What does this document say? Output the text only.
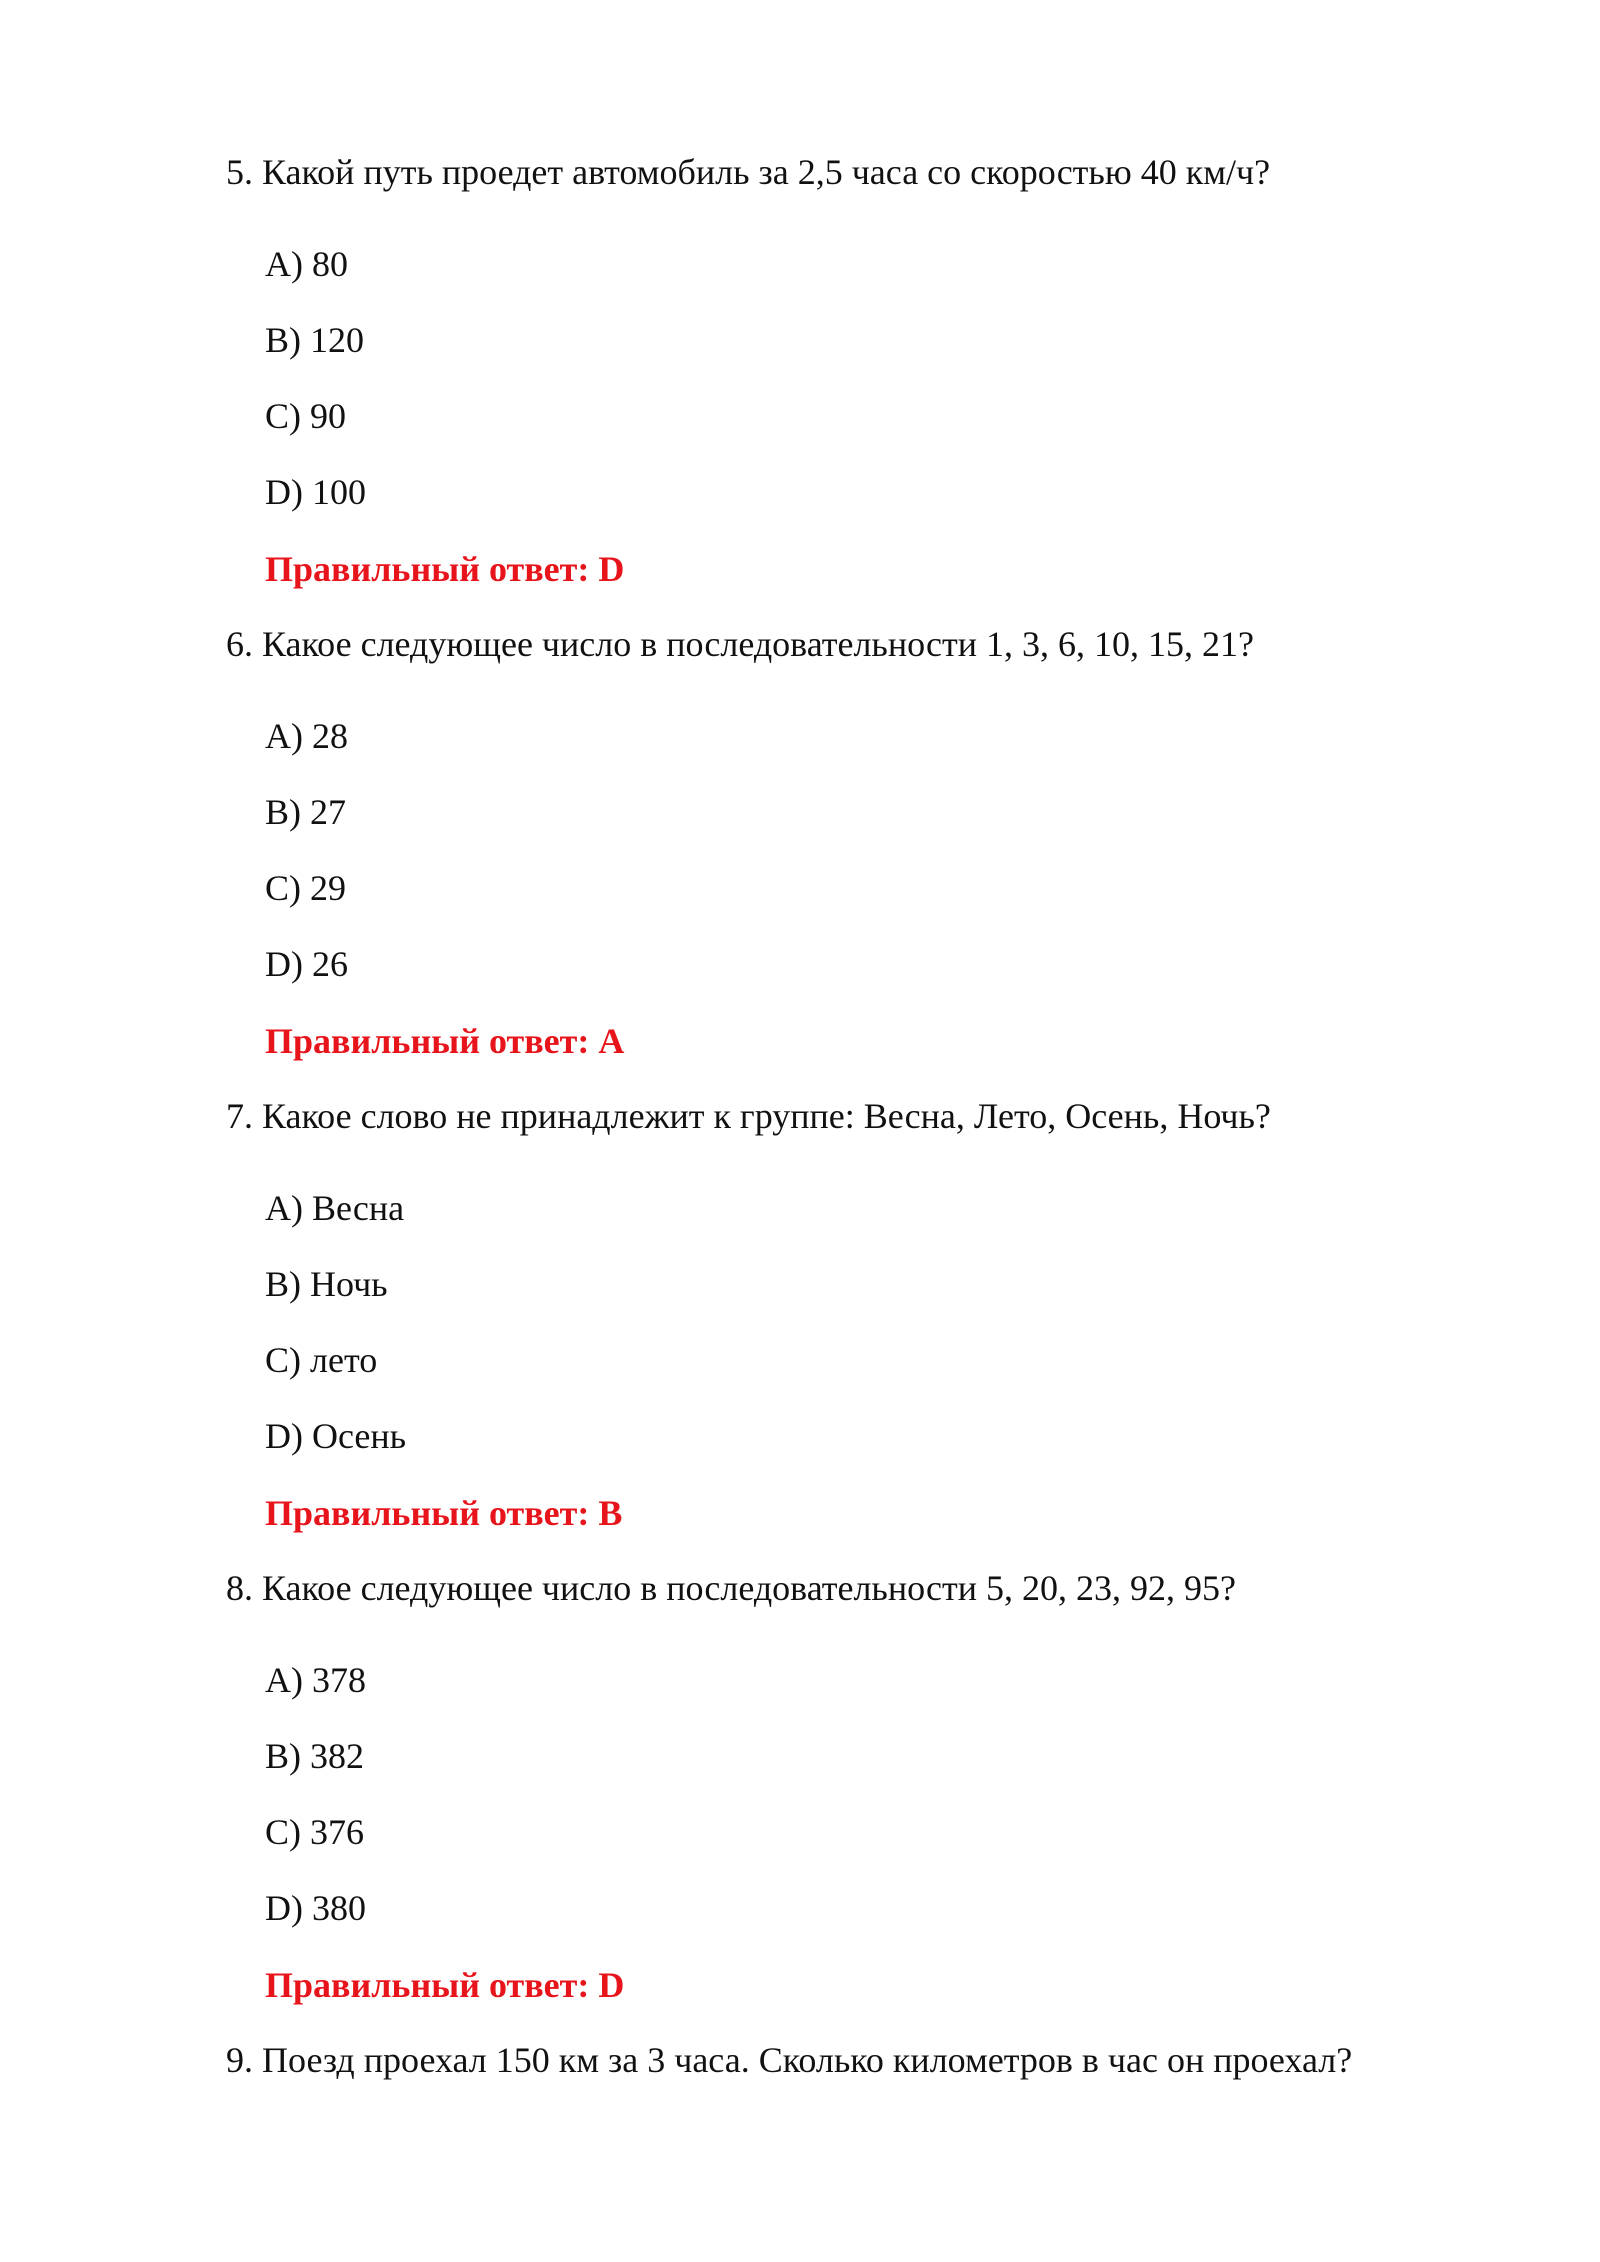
5. Какой путь проедет автомобиль за 2,5 часа со скоростью 40 км/ч?
A) 80
B) 120
C) 90
D) 100
Правильный ответ: D
6. Какое следующее число в последовательности 1, 3, 6, 10, 15, 21?
A) 28
B) 27
C) 29
D) 26
Правильный ответ: A
7. Какое слово не принадлежит к группе: Весна, Лето, Осень, Ночь?
A) Весна
B) Ночь
C) лето
D) Осень
Правильный ответ: B
8. Какое следующее число в последовательности 5, 20, 23, 92, 95?
A) 378
B) 382
C) 376
D) 380
Правильный ответ: D
9. Поезд проехал 150 км за 3 часа. Сколько километров в час он проехал?
